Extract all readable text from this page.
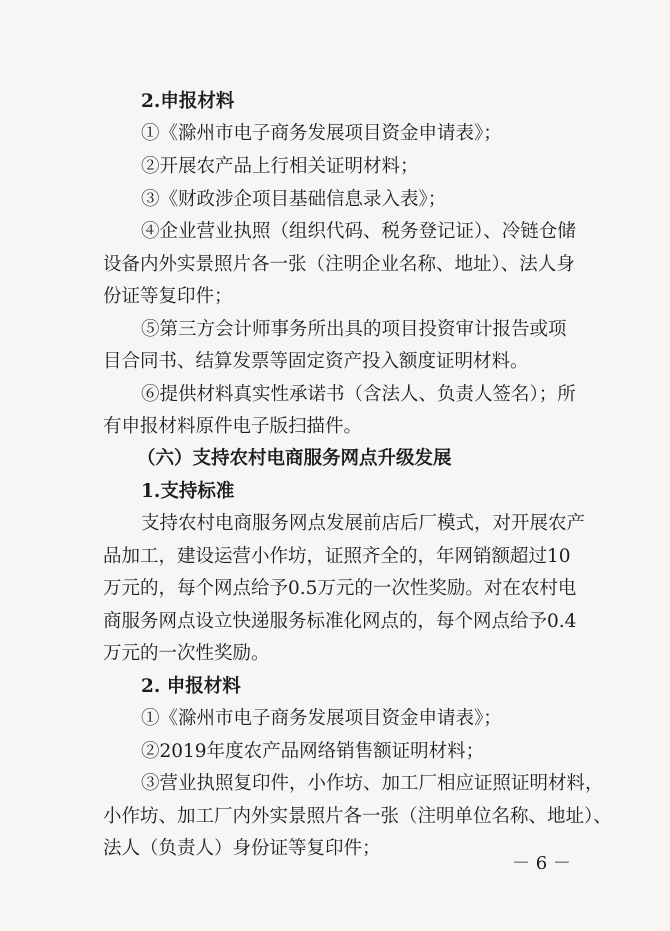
2.申报材料
①《滁州市电子商务发展项目资金申请表》；
②开展农产品上行相关证明材料；
③《财政涉企项目基础信息录入表》；
④企业营业执照（组织代码、税务登记证）、冷链仓储
设备内外实景照片各一张（注明企业名称、地址）、法人身
份证等复印件；
⑤第三方会计师事务所出具的项目投资审计报告或项
目合同书、结算发票等固定资产投入额度证明材料。
⑥提供材料真实性承诺书（含法人、负责人签名）；所
有申报材料原件电子版扫描件。
（六）支持农村电商服务网点升级发展
1.支持标准
支持农村电商服务网点发展前店后厂模式，对开展农产
品加工，建设运营小作坊，证照齐全的，年网销额超过10
万元的，每个网点给予0.5万元的一次性奖励。对在农村电
商服务网点设立快递服务标准化网点的，每个网点给予0.4
万元的一次性奖励。
2. 申报材料
①《滁州市电子商务发展项目资金申请表》；
②2019年度农产品网络销售额证明材料；
③营业执照复印件，小作坊、加工厂相应证照证明材料，
小作坊、加工厂内外实景照片各一张（注明单位名称、地址）、
法人（负责人）身份证等复印件；
－ 6 －
